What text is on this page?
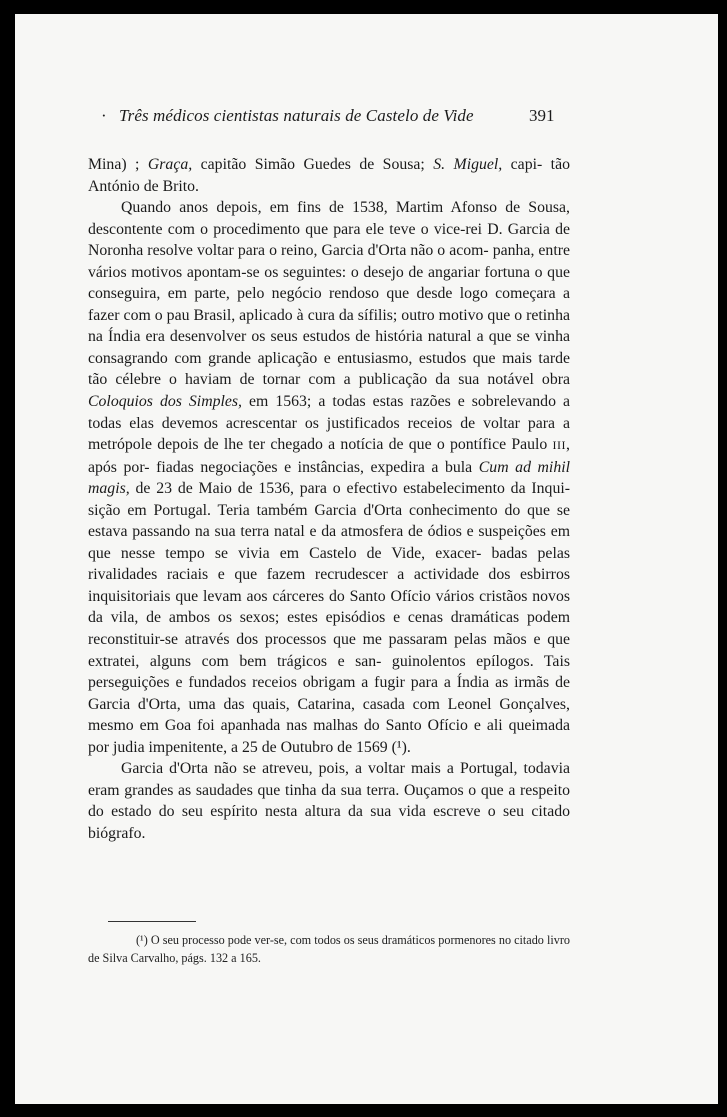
· Três médicos cientistas naturais de Castelo de Vide	391

Mina) ; Graça, capitão Simão Guedes de Sousa; S. Miguel, capi- tão António de Brito.

Quando anos depois, em fins de 1538, Martim Afonso de Sousa, descontente com o procedimento que para ele teve o vice-rei D. Garcia de Noronha resolve voltar para o reino, Garcia d'Orta não o acom- panha, entre vários motivos apontam-se os seguintes: o desejo de angariar fortuna o que conseguira, em parte, pelo negócio rendoso que desde logo começara a fazer com o pau Brasil, aplicado à cura da sífilis; outro motivo que o retinha na Índia era desenvolver os seus estudos de história natural a que se vinha consagrando com grande aplicação e entusiasmo, estudos que mais tarde tão célebre o haviam de tornar com a publicação da sua notável obra Coloquios dos Simples, em 1563; a todas estas razões e sobrelevando a todas elas devemos acrescentar os justificados receios de voltar para a metrópole depois de lhe ter chegado a notícia de que o pontífice Paulo III, após por- fiadas negociações e instâncias, expedira a bula Cum ad mihil magis, de 23 de Maio de 1536, para o efectivo estabelecimento da Inqui- sição em Portugal. Teria também Garcia d'Orta conhecimento do que se estava passando na sua terra natal e da atmosfera de ódios e suspeições em que nesse tempo se vivia em Castelo de Vide, exacer- badas pelas rivalidades raciais e que fazem recrudescer a actividade dos esbirros inquisitoriais que levam aos cárceres do Santo Ofício vários cristãos novos da vila, de ambos os sexos; estes episódios e cenas dramáticas podem reconstituir-se através dos processos que me passaram pelas mãos e que extratei, alguns com bem trágicos e san- guinolentos epílogos. Tais perseguições e fundados receios obrigam a fugir para a Índia as irmãs de Garcia d'Orta, uma das quais, Catarina, casada com Leonel Gonçalves, mesmo em Goa foi apanhada nas malhas do Santo Ofício e ali queimada por judia impenitente, a 25 de Outubro de 1569 (¹).

Garcia d'Orta não se atreveu, pois, a voltar mais a Portugal, todavia eram grandes as saudades que tinha da sua terra. Ouçamos o que a respeito do estado do seu espírito nesta altura da sua vida escreve o seu citado biógrafo.

(¹) O seu processo pode ver-se, com todos os seus dramáticos pormenores no citado livro de Silva Carvalho, págs. 132 a 165.
